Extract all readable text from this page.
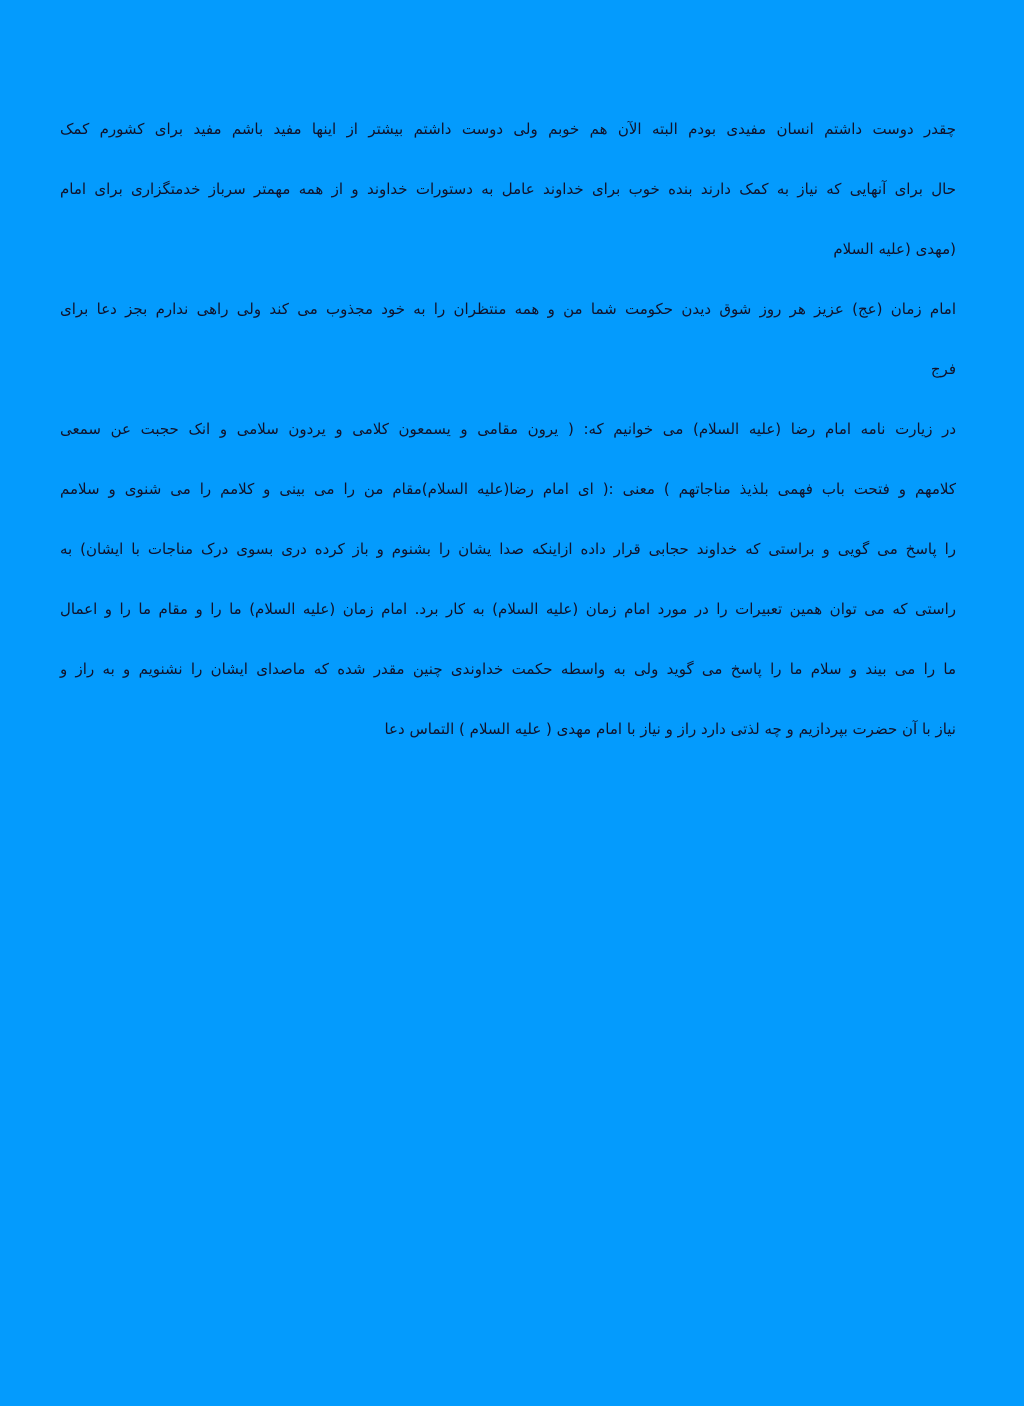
چقدر دوست داشتم انسان مفیدی بودم البته الآن هم خوبم ولی دوست داشتم بیشتر از اینها مفید باشم مفید برای کشورم کمک
حال برای آنهایی که نیاز به کمک دارند بنده خوب برای خداوند عامل به دستورات خداوند و از همه مهمتر سرباز خدمتگزاری برای امام
(مهدی (علیه السلام
امام زمان (عج) عزیز هر روز شوق دیدن حکومت شما من و همه منتظران را به خود مجذوب می کند ولی راهی ندارم بجز دعا برای
فرج
در زیارت نامه امام رضا (علیه السلام) می خوانیم که: ( یرون مقامی و یسمعون کلامی و یردون سلامی و انک حجبت عن سمعی
کلامهم و فتحت باب فهمی بلذیذ مناجاتهم ) معنی :( ای امام رضا(علیه السلام)مقام من را می بینی و کلامم را می شنوی و سلامم
را پاسخ می گویی و براستی که خداوند حجابی قرار داده ازاینکه صدا یشان را بشنوم و باز کرده دری بسوی درک مناجات با ایشان) به
راستی که می توان همین تعبیرات را در مورد امام زمان (علیه السلام) به کار برد. امام زمان (علیه السلام) ما را و مقام ما را و اعمال
ما را می بیند و سلام ما را پاسخ می گوید ولی به واسطه حکمت خداوندی چنین مقدر شده که ماصدای ایشان را نشنویم و به راز و
نیاز با آن حضرت بپردازیم و چه لذتی دارد راز و نیاز با امام مهدی ( علیه السلام ) التماس دعا
